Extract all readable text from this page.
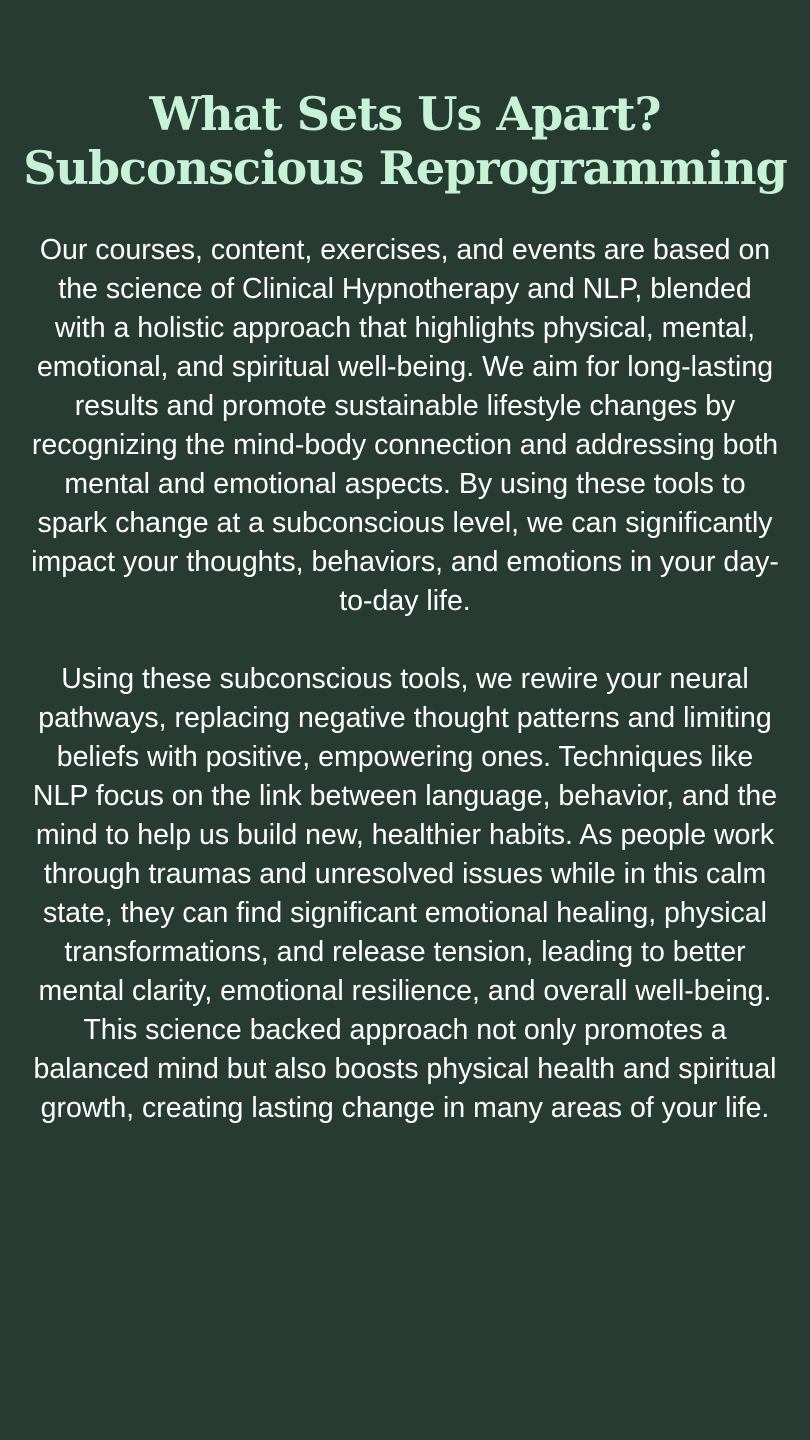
What Sets Us Apart?
Subconscious Reprogramming

Our courses, content, exercises, and events are based on the science of Clinical Hypnotherapy and NLP, blended with a holistic approach that highlights physical, mental, emotional, and spiritual well-being. We aim for long-lasting results and promote sustainable lifestyle changes by recognizing the mind-body connection and addressing both mental and emotional aspects. By using these tools to spark change at a subconscious level, we can significantly impact your thoughts, behaviors, and emotions in your day-to-day life.

Using these subconscious tools, we rewire your neural pathways, replacing negative thought patterns and limiting beliefs with positive, empowering ones. Techniques like NLP focus on the link between language, behavior, and the mind to help us build new, healthier habits. As people work through traumas and unresolved issues while in this calm state, they can find significant emotional healing, physical transformations, and release tension, leading to better mental clarity, emotional resilience, and overall well-being. This science backed approach not only promotes a balanced mind but also boosts physical health and spiritual growth, creating lasting change in many areas of your life.
